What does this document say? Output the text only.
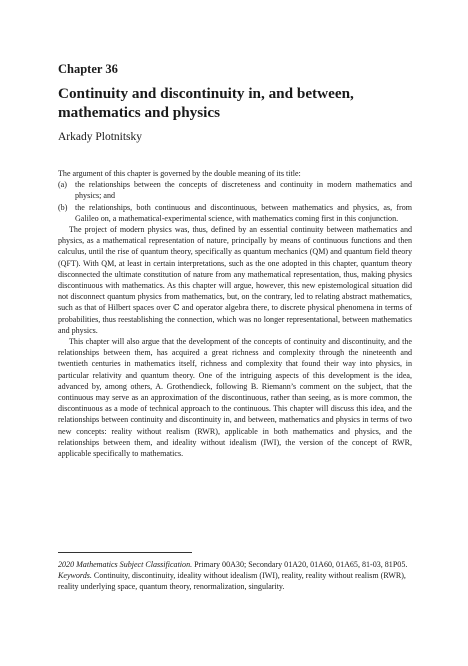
Chapter 36
Continuity and discontinuity in, and between,
mathematics and physics
Arkady Plotnitsky

The argument of this chapter is governed by the double meaning of its title:

(a) the relationships between the concepts of discreteness and continuity in modern mathematics and physics; and
(b) the relationships, both continuous and discontinuous, between mathematics and physics, as, from Galileo on, a mathematical-experimental science, with mathematics coming first in this conjunction.

The project of modern physics was, thus, defined by an essential continuity between mathematics and physics, as a mathematical representation of nature, principally by means of continuous functions and then calculus, until the rise of quantum theory, specifically as quantum mechanics (QM) and quantum field theory (QFT). With QM, at least in certain interpretations, such as the one adopted in this chapter, quantum theory disconnected the ultimate constitution of nature from any mathematical representation, thus, making physics discontinuous with mathematics. As this chapter will argue, however, this new epistemological situation did not disconnect quantum physics from mathematics, but, on the contrary, led to relating abstract mathematics, such as that of Hilbert spaces over ℂ and operator algebra there, to discrete physical phenomena in terms of probabilities, thus reestablishing the connection, which was no longer representational, between mathematics and physics.

This chapter will also argue that the development of the concepts of continuity and discontinuity, and the relationships between them, has acquired a great richness and complexity through the nineteenth and twentieth centuries in mathematics itself, richness and complexity that found their way into physics, in particular relativity and quantum theory. One of the intriguing aspects of this development is the idea, advanced by, among others, A. Grothendieck, following B. Riemann’s comment on the subject, that the continuous may serve as an approximation of the discontinuous, rather than seeing, as is more common, the discontinuous as a mode of technical approach to the continuous. This chapter will discuss this idea, and the relationships between continuity and discontinuity in, and between, mathematics and physics in terms of two new concepts: reality without realism (RWR), applicable in both mathematics and physics, and the relationships between them, and ideality without idealism (IWI), the version of the concept of RWR, applicable specifically to mathematics.

2020 Mathematics Subject Classification. Primary 00A30; Secondary 01A20, 01A60, 01A65, 81-03, 81P05.

Keywords. Continuity, discontinuity, ideality without idealism (IWI), reality, reality without realism (RWR), reality underlying space, quantum theory, renormalization, singularity.
